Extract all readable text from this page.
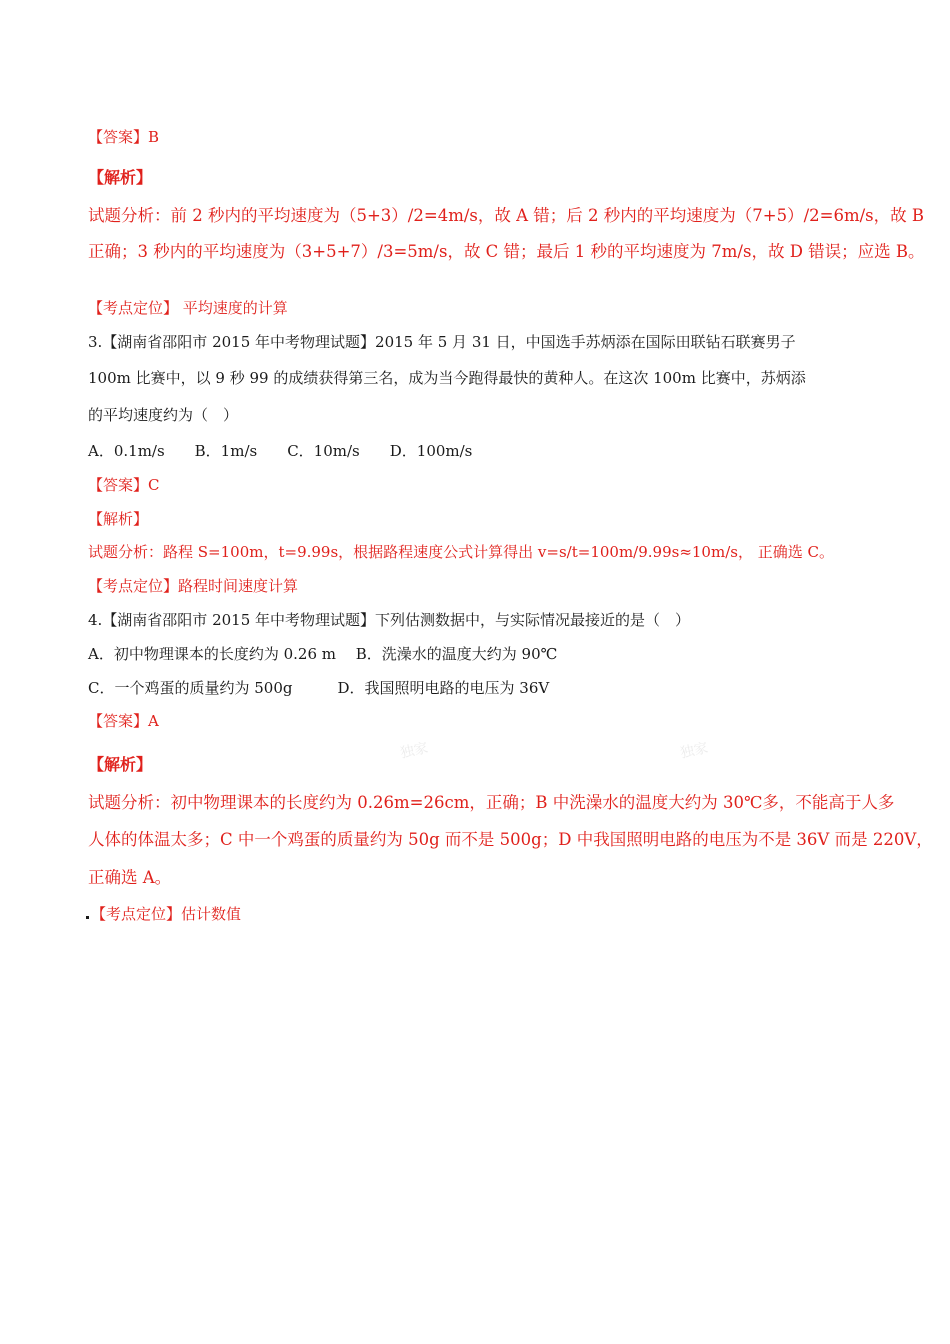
【答案】B
【解析】
试题分析：前 2 秒内的平均速度为（5+3）/2=4m/s，故 A 错；后 2 秒内的平均速度为（7+5）/2=6m/s，故 B
正确；3 秒内的平均速度为（3+5+7）/3=5m/s，故 C 错；最后 1 秒的平均速度为 7m/s，故 D 错误；应选 B。
【考点定位】 平均速度的计算
3.【湖南省邵阳市 2015 年中考物理试题】2015 年 5 月 31 日，中国选手苏炳添在国际田联钻石联赛男子
100m 比赛中，以 9 秒 99 的成绩获得第三名，成为当今跑得最快的黄种人。在这次 100m 比赛中，苏炳添
的平均速度约为（　）
A．0.1m/s　　B．1m/s　　C．10m/s　　D．100m/s
【答案】C
【解析】
试题分析：路程 S=100m，t=9.99s，根据路程速度公式计算得出 v=s/t=100m/9.99s≈10m/s， 正确选 C。
【考点定位】路程时间速度计算
4.【湖南省邵阳市 2015 年中考物理试题】下列估测数据中，与实际情况最接近的是（　）
A．初中物理课本的长度约为 0.26 m　 B．洗澡水的温度大约为 90℃
C．一个鸡蛋的质量约为 500g　　　D．我国照明电路的电压为 36V
【答案】A
独家	独家
【解析】
试题分析：初中物理课本的长度约为 0.26m=26cm，正确；B 中洗澡水的温度大约为 30℃多，不能高于人多
人体的体温太多；C 中一个鸡蛋的质量约为 50g 而不是 500g；D 中我国照明电路的电压为不是 36V 而是 220V，
正确选 A。
【考点定位】估计数值
